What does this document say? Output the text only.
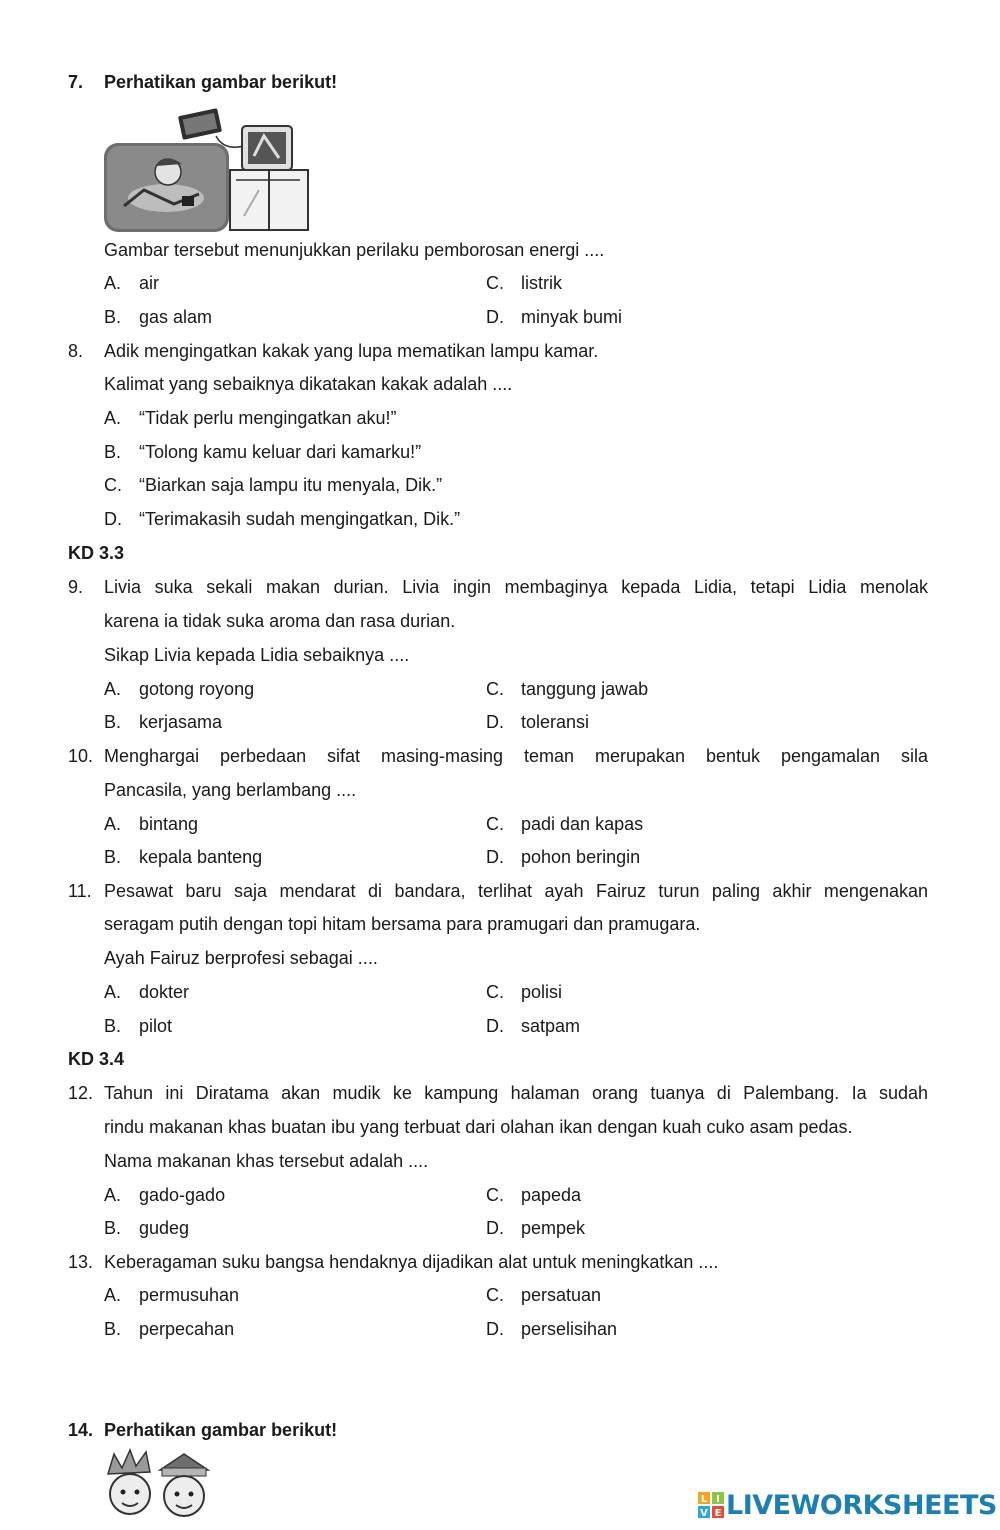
7. Perhatikan gambar berikut!
Gambar tersebut menunjukkan perilaku pemborosan energi ....
A. air	C. listrik
B. gas alam	D. minyak bumi
8. Adik mengingatkan kakak yang lupa mematikan lampu kamar.
Kalimat yang sebaiknya dikatakan kakak adalah ....
A. “Tidak perlu mengingatkan aku!”
B. “Tolong kamu keluar dari kamarku!”
C. “Biarkan saja lampu itu menyala, Dik.”
D. “Terimakasih sudah mengingatkan, Dik.”
KD 3.3
9. Livia suka sekali makan durian. Livia ingin membaginya kepada Lidia, tetapi Lidia menolak
karena ia tidak suka aroma dan rasa durian.
Sikap Livia kepada Lidia sebaiknya ....
A. gotong royong	C. tanggung jawab
B. kerjasama	D. toleransi
10. Menghargai perbedaan sifat masing-masing teman merupakan bentuk pengamalan sila
Pancasila, yang berlambang ....
A. bintang	C. padi dan kapas
B. kepala banteng	D. pohon beringin
11. Pesawat baru saja mendarat di bandara, terlihat ayah Fairuz turun paling akhir mengenakan
seragam putih dengan topi hitam bersama para pramugari dan pramugara.
Ayah Fairuz berprofesi sebagai ....
A. dokter	C. polisi
B. pilot	D. satpam
KD 3.4
12. Tahun ini Diratama akan mudik ke kampung halaman orang tuanya di Palembang. Ia sudah
rindu makanan khas buatan ibu yang terbuat dari olahan ikan dengan kuah cuko asam pedas.
Nama makanan khas tersebut adalah ....
A. gado-gado	C. papeda
B. gudeg	D. pempek
13. Keberagaman suku bangsa hendaknya dijadikan alat untuk meningkatkan ....
A. permusuhan	C. persatuan
B. perpecahan	D. perselisihan
14. Perhatikan gambar berikut!
L I
V E LIVEWORKSHEETS
